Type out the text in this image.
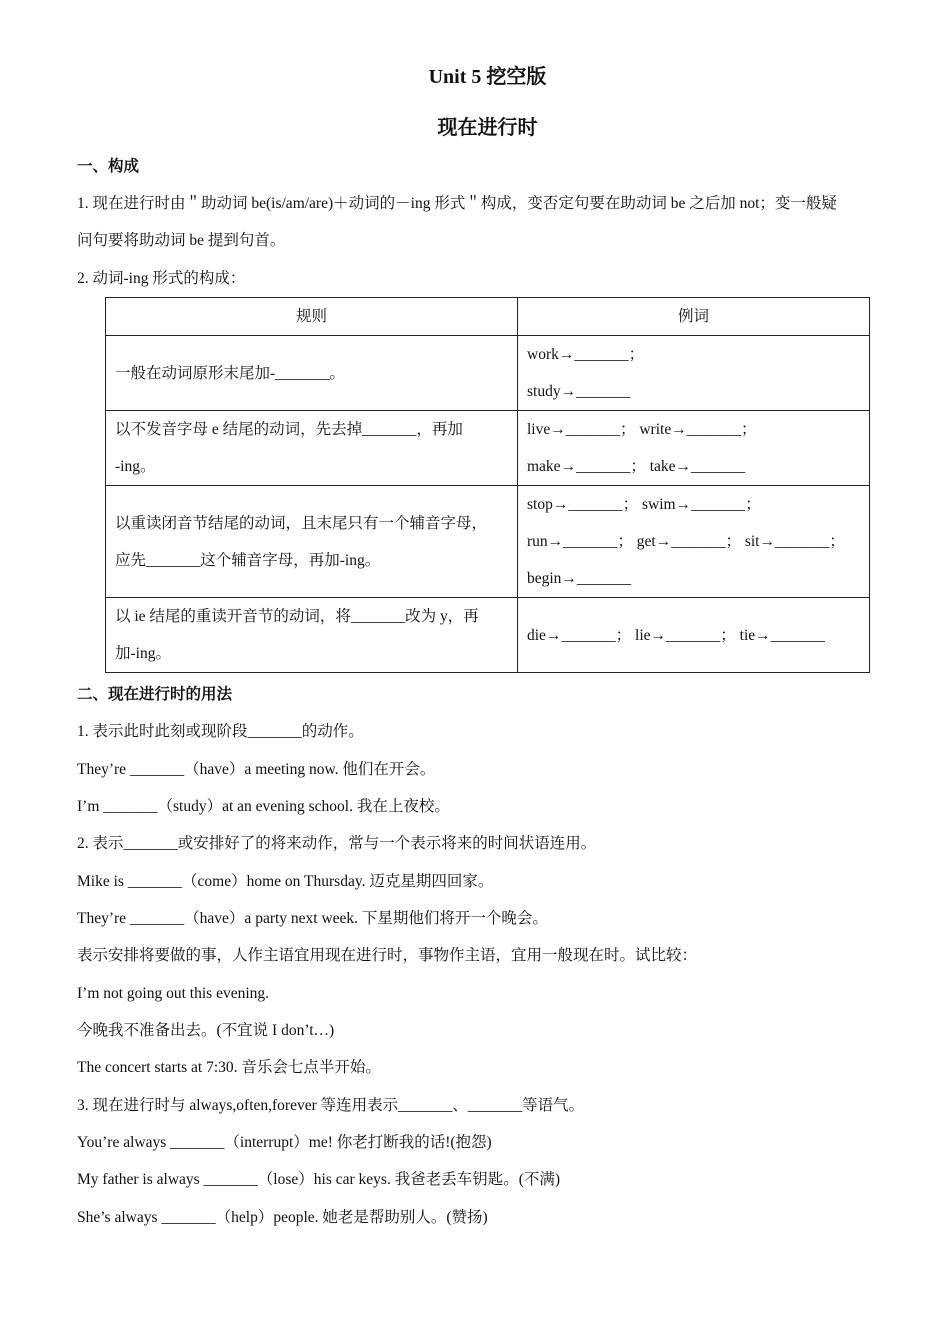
Unit 5 挖空版
现在进行时
一、构成
1. 现在进行时由＂助动词 be(is/am/are)＋动词的－ing 形式＂构成，变否定句要在助动词 be 之后加 not；变一般疑
问句要将助动词 be 提到句首。
2. 动词-ing 形式的构成：
规则	例词

一般在动词原形末尾加-_______。	work→_______；
study→_______

以不发音字母 e 结尾的动词，先去掉_______，再加
-ing。	live→_______； write→_______；
make→_______； take→_______

以重读闭音节结尾的动词，且末尾只有一个辅音字母，
应先_______这个辅音字母，再加-ing。	stop→_______； swim→_______；
run→_______； get→_______； sit→_______；
begin→_______

以 ie 结尾的重读开音节的动词，将_______改为 y，再
加-ing。	die→_______； lie→_______； tie→_______
二、现在进行时的用法
1. 表示此时此刻或现阶段_______的动作。
They’re _______（have）a meeting now. 他们在开会。
I’m _______（study）at an evening school. 我在上夜校。
2. 表示_______或安排好了的将来动作，常与一个表示将来的时间状语连用。
Mike is _______（come）home on Thursday. 迈克星期四回家。
They’re _______（have）a party next week. 下星期他们将开一个晚会。
表示安排将要做的事，人作主语宜用现在进行时，事物作主语，宜用一般现在时。试比较：
I’m not going out this evening.
今晚我不准备出去。(不宜说 I don’t…)
The concert starts at 7:30. 音乐会七点半开始。
3. 现在进行时与 always,often,forever 等连用表示_______、_______等语气。
You’re always _______（interrupt）me! 你老打断我的话!(抱怨)
My father is always _______（lose）his car keys. 我爸老丢车钥匙。(不满)
She’s always _______（help）people. 她老是帮助别人。(赞扬)
